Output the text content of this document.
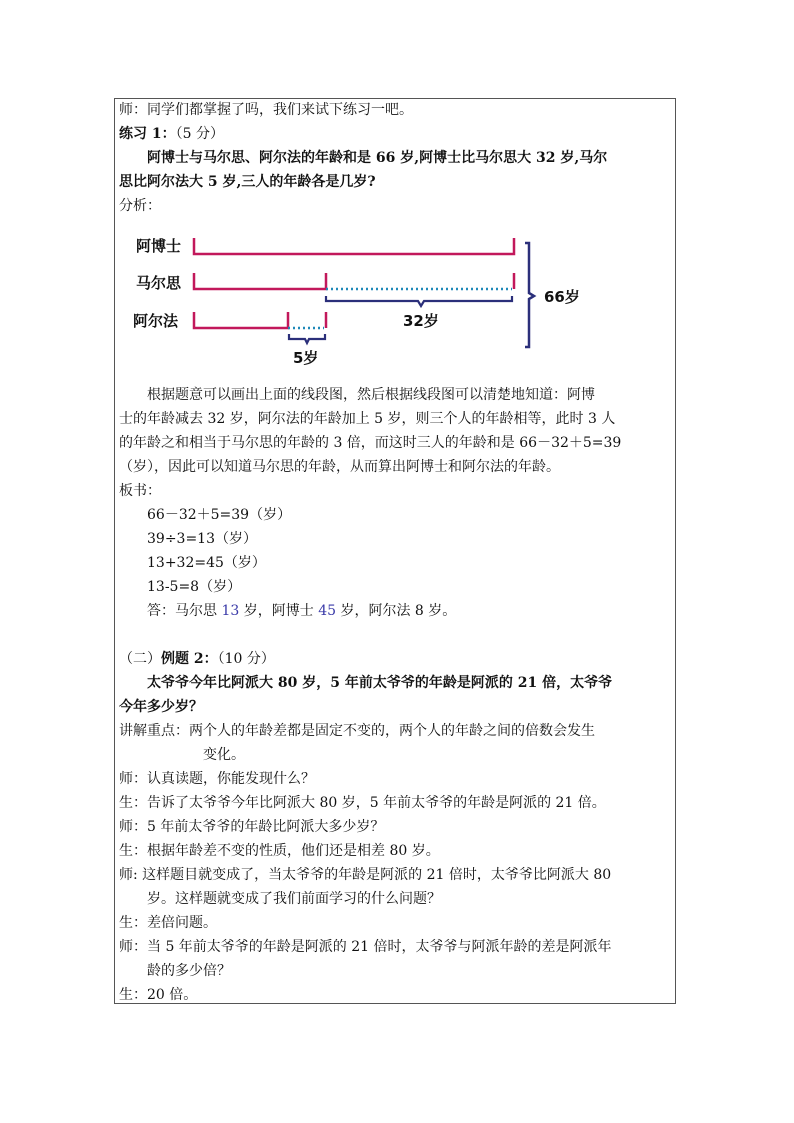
师：同学们都掌握了吗，我们来试下练习一吧。
练习 1：（5 分）
阿博士与马尔思、阿尔法的年龄和是 66 岁,阿博士比马尔思大 32 岁,马尔
思比阿尔法大 5 岁,三人的年龄各是几岁?
分析：
阿博士
马尔思
阿尔法
66岁
32岁
5岁
根据题意可以画出上面的线段图，然后根据线段图可以清楚地知道：阿博
士的年龄减去 32 岁，阿尔法的年龄加上 5 岁，则三个人的年龄相等，此时 3 人
的年龄之和相当于马尔思的年龄的 3 倍，而这时三人的年龄和是 66－32＋5=39
（岁），因此可以知道马尔思的年龄，从而算出阿博士和阿尔法的年龄。
板书：
66－32＋5=39（岁）
39÷3=13（岁）
13+32=45（岁）
13-5=8（岁）
答：马尔思 13 岁，阿博士 45 岁，阿尔法 8 岁。
（二）例题 2：（10 分）
太爷爷今年比阿派大 80 岁，5 年前太爷爷的年龄是阿派的 21 倍，太爷爷
今年多少岁？
讲解重点：两个人的年龄差都是固定不变的，两个人的年龄之间的倍数会发生
变化。
师：认真读题，你能发现什么？
生：告诉了太爷爷今年比阿派大 80 岁，5 年前太爷爷的年龄是阿派的 21 倍。
师：5 年前太爷爷的年龄比阿派大多少岁？
生：根据年龄差不变的性质，他们还是相差 80 岁。
师: 这样题目就变成了，当太爷爷的年龄是阿派的 21 倍时，太爷爷比阿派大 80
岁。这样题就变成了我们前面学习的什么问题？
生：差倍问题。
师：当 5 年前太爷爷的年龄是阿派的 21 倍时，太爷爷与阿派年龄的差是阿派年
龄的多少倍？
生：20 倍。
